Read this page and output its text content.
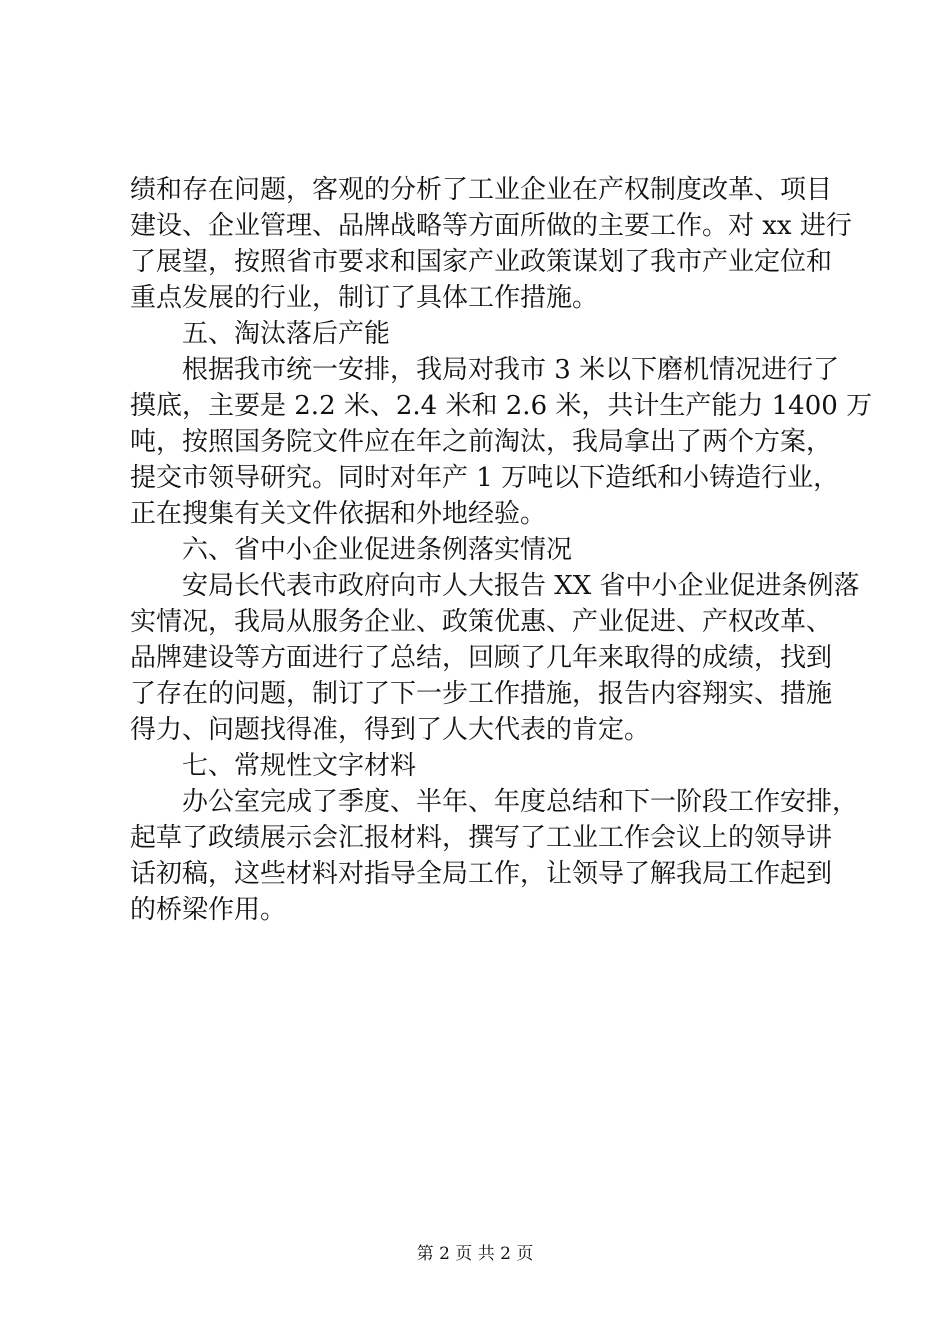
绩和存在问题，客观的分析了工业企业在产权制度改革、项目
建设、企业管理、品牌战略等方面所做的主要工作。对 xx 进行
了展望，按照省市要求和国家产业政策谋划了我市产业定位和
重点发展的行业，制订了具体工作措施。
五、淘汰落后产能
根据我市统一安排，我局对我市 3 米以下磨机情况进行了
摸底，主要是 2.2 米、2.4 米和 2.6 米，共计生产能力 1400 万
吨，按照国务院文件应在年之前淘汰，我局拿出了两个方案，
提交市领导研究。同时对年产 1 万吨以下造纸和小铸造行业，
正在搜集有关文件依据和外地经验。
六、省中小企业促进条例落实情况
安局长代表市政府向市人大报告 XX 省中小企业促进条例落
实情况，我局从服务企业、政策优惠、产业促进、产权改革、
品牌建设等方面进行了总结，回顾了几年来取得的成绩，找到
了存在的问题，制订了下一步工作措施，报告内容翔实、措施
得力、问题找得准，得到了人大代表的肯定。
七、常规性文字材料
办公室完成了季度、半年、年度总结和下一阶段工作安排，
起草了政绩展示会汇报材料，撰写了工业工作会议上的领导讲
话初稿，这些材料对指导全局工作，让领导了解我局工作起到
的桥梁作用。
第 2 页 共 2 页
